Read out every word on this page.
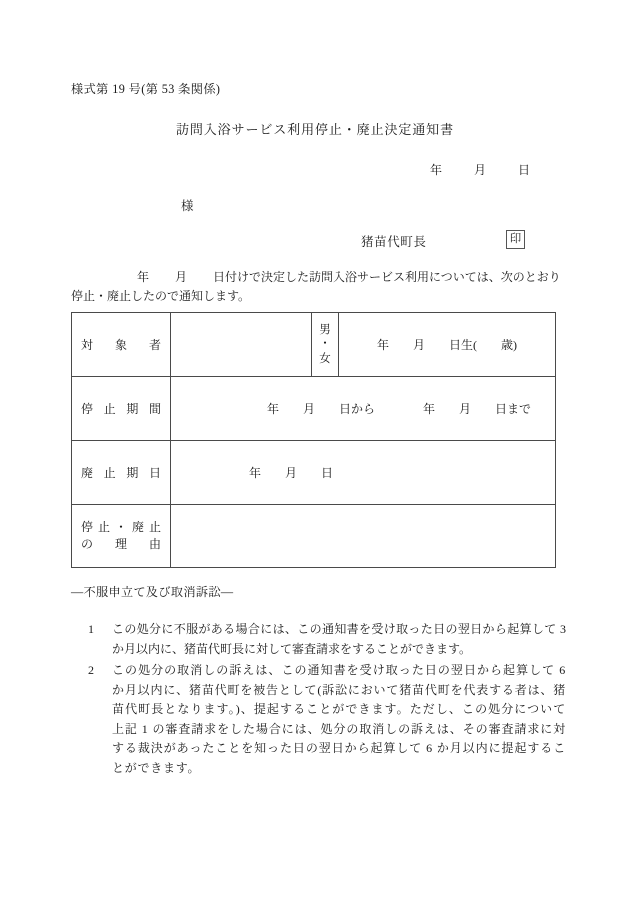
様式第 19 号(第 53 条関係)
訪問入浴サービス利用停止・廃止決定通知書
年	月	日
様
猪苗代町長	印
年 月 日付けで決定した訪問入浴サービス利用については、次のとおり
停止・廃止したので通知します。
対 象 者		男
・
女	年　　月　　日生(　　歳)

停 止 期 間	年　　月　　日から　　　　年　　月　　日まで		

廃 止 期 日	年　　月　　日		

停 止 ・ 廃 止
の 理 由

―不服申立て及び取消訴訟―
1	この処分に不服がある場合には、この通知書を受け取った日の翌日から起算して 3 か月以内に、猪苗代町長に対して審査請求をすることができます。
2	この処分の取消しの訴えは、この通知書を受け取った日の翌日から起算して 6 か月以内に、猪苗代町を被告として(訴訟において猪苗代町を代表する者は、猪苗代町長となります。)、提起することができます。ただし、この処分について上記 1 の審査請求をした場合には、処分の取消しの訴えは、その審査請求に対する裁決があったことを知った日の翌日から起算して 6 か月以内に提起することができます。
